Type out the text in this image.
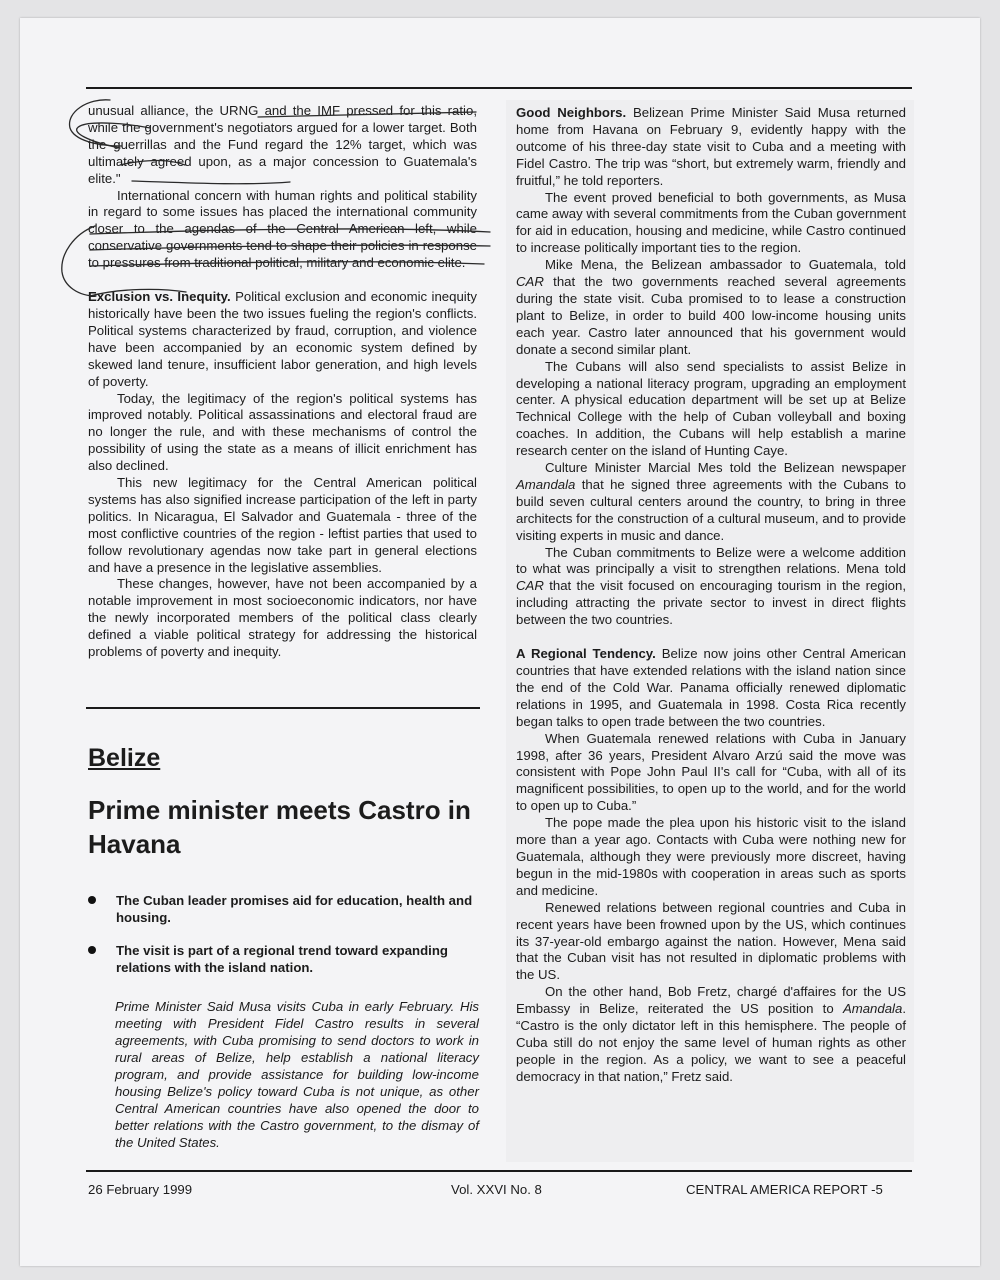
unusual alliance, the URNG and the IMF pressed for this ratio, while the government's negotiators argued for a lower target. Both the guerrillas and the Fund regard the 12% target, which was ultimately agreed upon, as a major concession to Guatemala's elite."

International concern with human rights and political stability in regard to some issues has placed the international community closer to the agendas of the Central American left, while conservative governments tend to shape their policies in response to pressures from traditional political, military and economic elite.

Exclusion vs. Inequity. Political exclusion and economic inequity historically have been the two issues fueling the region's conflicts. Political systems characterized by fraud, corruption, and violence have been accompanied by an economic system defined by skewed land tenure, insufficient labor generation, and high levels of poverty.

Today, the legitimacy of the region's political systems has improved notably. Political assassinations and electoral fraud are no longer the rule, and with these mechanisms of control the possibility of using the state as a means of illicit enrichment has also declined.

This new legitimacy for the Central American political systems has also signified increase participation of the left in party politics. In Nicaragua, El Salvador and Guatemala - three of the most conflictive countries of the region - leftist parties that used to follow revolutionary agendas now take part in general elections and have a presence in the legislative assemblies.

These changes, however, have not been accompanied by a notable improvement in most socioeconomic indicators, nor have the newly incorporated members of the political class clearly defined a viable political strategy for addressing the historical problems of poverty and inequity.

Belize
Prime minister meets Castro in Havana
The Cuban leader promises aid for education, health and housing.
The visit is part of a regional trend toward expanding relations with the island nation.
Prime Minister Said Musa visits Cuba in early February. His meeting with President Fidel Castro results in several agreements, with Cuba promising to send doctors to work in rural areas of Belize, help establish a national literacy program, and provide assistance for building low-income housing Belize's policy toward Cuba is not unique, as other Central American countries have also opened the door to better relations with the Castro government, to the dismay of the United States.

Good Neighbors. Belizean Prime Minister Said Musa returned home from Havana on February 9, evidently happy with the outcome of his three-day state visit to Cuba and a meeting with Fidel Castro. The trip was “short, but extremely warm, friendly and fruitful,” he told reporters.

The event proved beneficial to both governments, as Musa came away with several commitments from the Cuban government for aid in education, housing and medicine, while Castro continued to increase politically important ties to the region.

Mike Mena, the Belizean ambassador to Guatemala, told CAR that the two governments reached several agreements during the state visit. Cuba promised to to lease a construction plant to Belize, in order to build 400 low-income housing units each year. Castro later announced that his government would donate a second similar plant.

The Cubans will also send specialists to assist Belize in developing a national literacy program, upgrading an employment center. A physical education department will be set up at Belize Technical College with the help of Cuban volleyball and boxing coaches. In addition, the Cubans will help establish a marine research center on the island of Hunting Caye.

Culture Minister Marcial Mes told the Belizean newspaper Amandala that he signed three agreements with the Cubans to build seven cultural centers around the country, to bring in three architects for the construction of a cultural museum, and to provide visiting experts in music and dance.

The Cuban commitments to Belize were a welcome addition to what was principally a visit to strengthen relations. Mena told CAR that the visit focused on encouraging tourism in the region, including attracting the private sector to invest in direct flights between the two countries.

A Regional Tendency. Belize now joins other Central American countries that have extended relations with the island nation since the end of the Cold War. Panama officially renewed diplomatic relations in 1995, and Guatemala in 1998. Costa Rica recently began talks to open trade between the two countries.

When Guatemala renewed relations with Cuba in January 1998, after 36 years, President Alvaro Arzú said the move was consistent with Pope John Paul II's call for “Cuba, with all of its magnificent possibilities, to open up to the world, and for the world to open up to Cuba.”

The pope made the plea upon his historic visit to the island more than a year ago. Contacts with Cuba were nothing new for Guatemala, although they were previously more discreet, having begun in the mid-1980s with cooperation in areas such as sports and medicine.

Renewed relations between regional countries and Cuba in recent years have been frowned upon by the US, which continues its 37-year-old embargo against the nation. However, Mena said that the Cuban visit has not resulted in diplomatic problems with the US.

On the other hand, Bob Fretz, chargé d'affaires for the US Embassy in Belize, reiterated the US position to Amandala. “Castro is the only dictator left in this hemisphere. The people of Cuba still do not enjoy the same level of human rights as other people in the region. As a policy, we want to see a peaceful democracy in that nation,” Fretz said.

26 February 1999	Vol. XXVI No. 8	CENTRAL AMERICA REPORT -5
